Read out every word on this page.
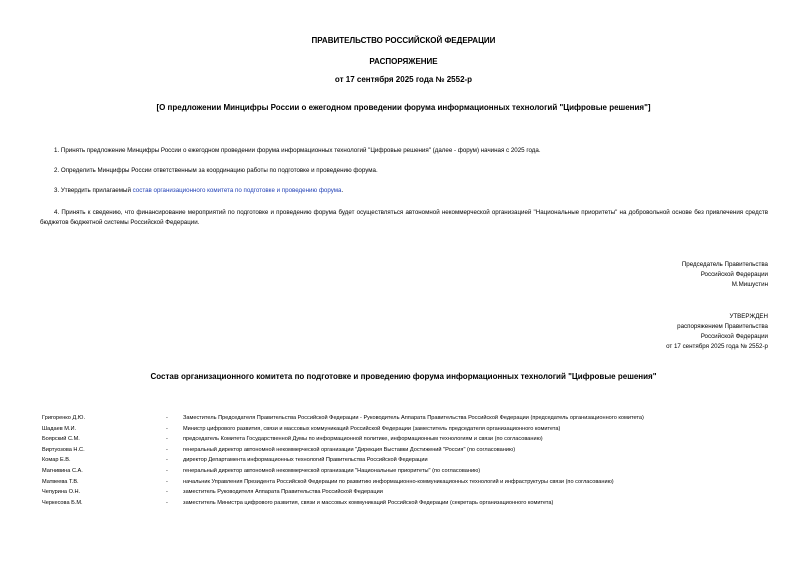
ПРАВИТЕЛЬСТВО РОССИЙСКОЙ ФЕДЕРАЦИИ
РАСПОРЯЖЕНИЕ
от 17 сентября 2025 года № 2552-р
[О предложении Минцифры России о ежегодном проведении форума информационных технологий "Цифровые решения"]
1. Принять предложение Минцифры России о ежегодном проведении форума информационных технологий "Цифровые решения" (далее - форум) начиная с 2025 года.
2. Определить Минцифры России ответственным за координацию работы по подготовке и проведению форума.
3. Утвердить прилагаемый состав организационного комитета по подготовке и проведению форума.
4. Принять к сведению, что финансирование мероприятий по подготовке и проведению форума будет осуществляться автономной некоммерческой организацией "Национальные приоритеты" на добровольной основе без привлечения средств бюджетов бюджетной системы Российской Федерации.
Председатель Правительства
Российской Федерации
М.Мишустин
УТВЕРЖДЕН
распоряжением Правительства
Российской Федерации
от 17 сентября 2025 года № 2552-р
Состав организационного комитета по подготовке и проведению форума информационных технологий "Цифровые решения"
Григоренко Д.Ю.	-	Заместитель Председателя Правительства Российской Федерации - Руководитель Аппарата Правительства Российской Федерации (председатель организационного комитета)
Шадаев М.И.	-	Министр цифрового развития, связи и массовых коммуникаций Российской Федерации (заместитель председателя организационного комитета)
Боярский С.М.	-	председатель Комитета Государственной Думы по информационной политике, информационным технологиям и связи (по согласованию)
Виртуозова Н.С.	-	генеральный директор автономной некоммерческой организации "Дирекция Выставки Достижений "Россия" (по согласованию)
Комар Е.В.	-	директор Департамента информационных технологий Правительства Российской Федерации
Магнивина С.А.	-	генеральный директор автономной некоммерческой организации "Национальные приоритеты" (по согласованию)
Матвеева Т.В.	-	начальник Управления Президента Российской Федерации по развитию информационно-коммуникационных технологий и инфраструктуры связи (по согласованию)
Чепурина О.Н.	-	заместитель Руководителя Аппарата Правительства Российской Федерации
Черкесова Б.М.	-	заместитель Министра цифрового развития, связи и массовых коммуникаций Российской Федерации (секретарь организационного комитета)
